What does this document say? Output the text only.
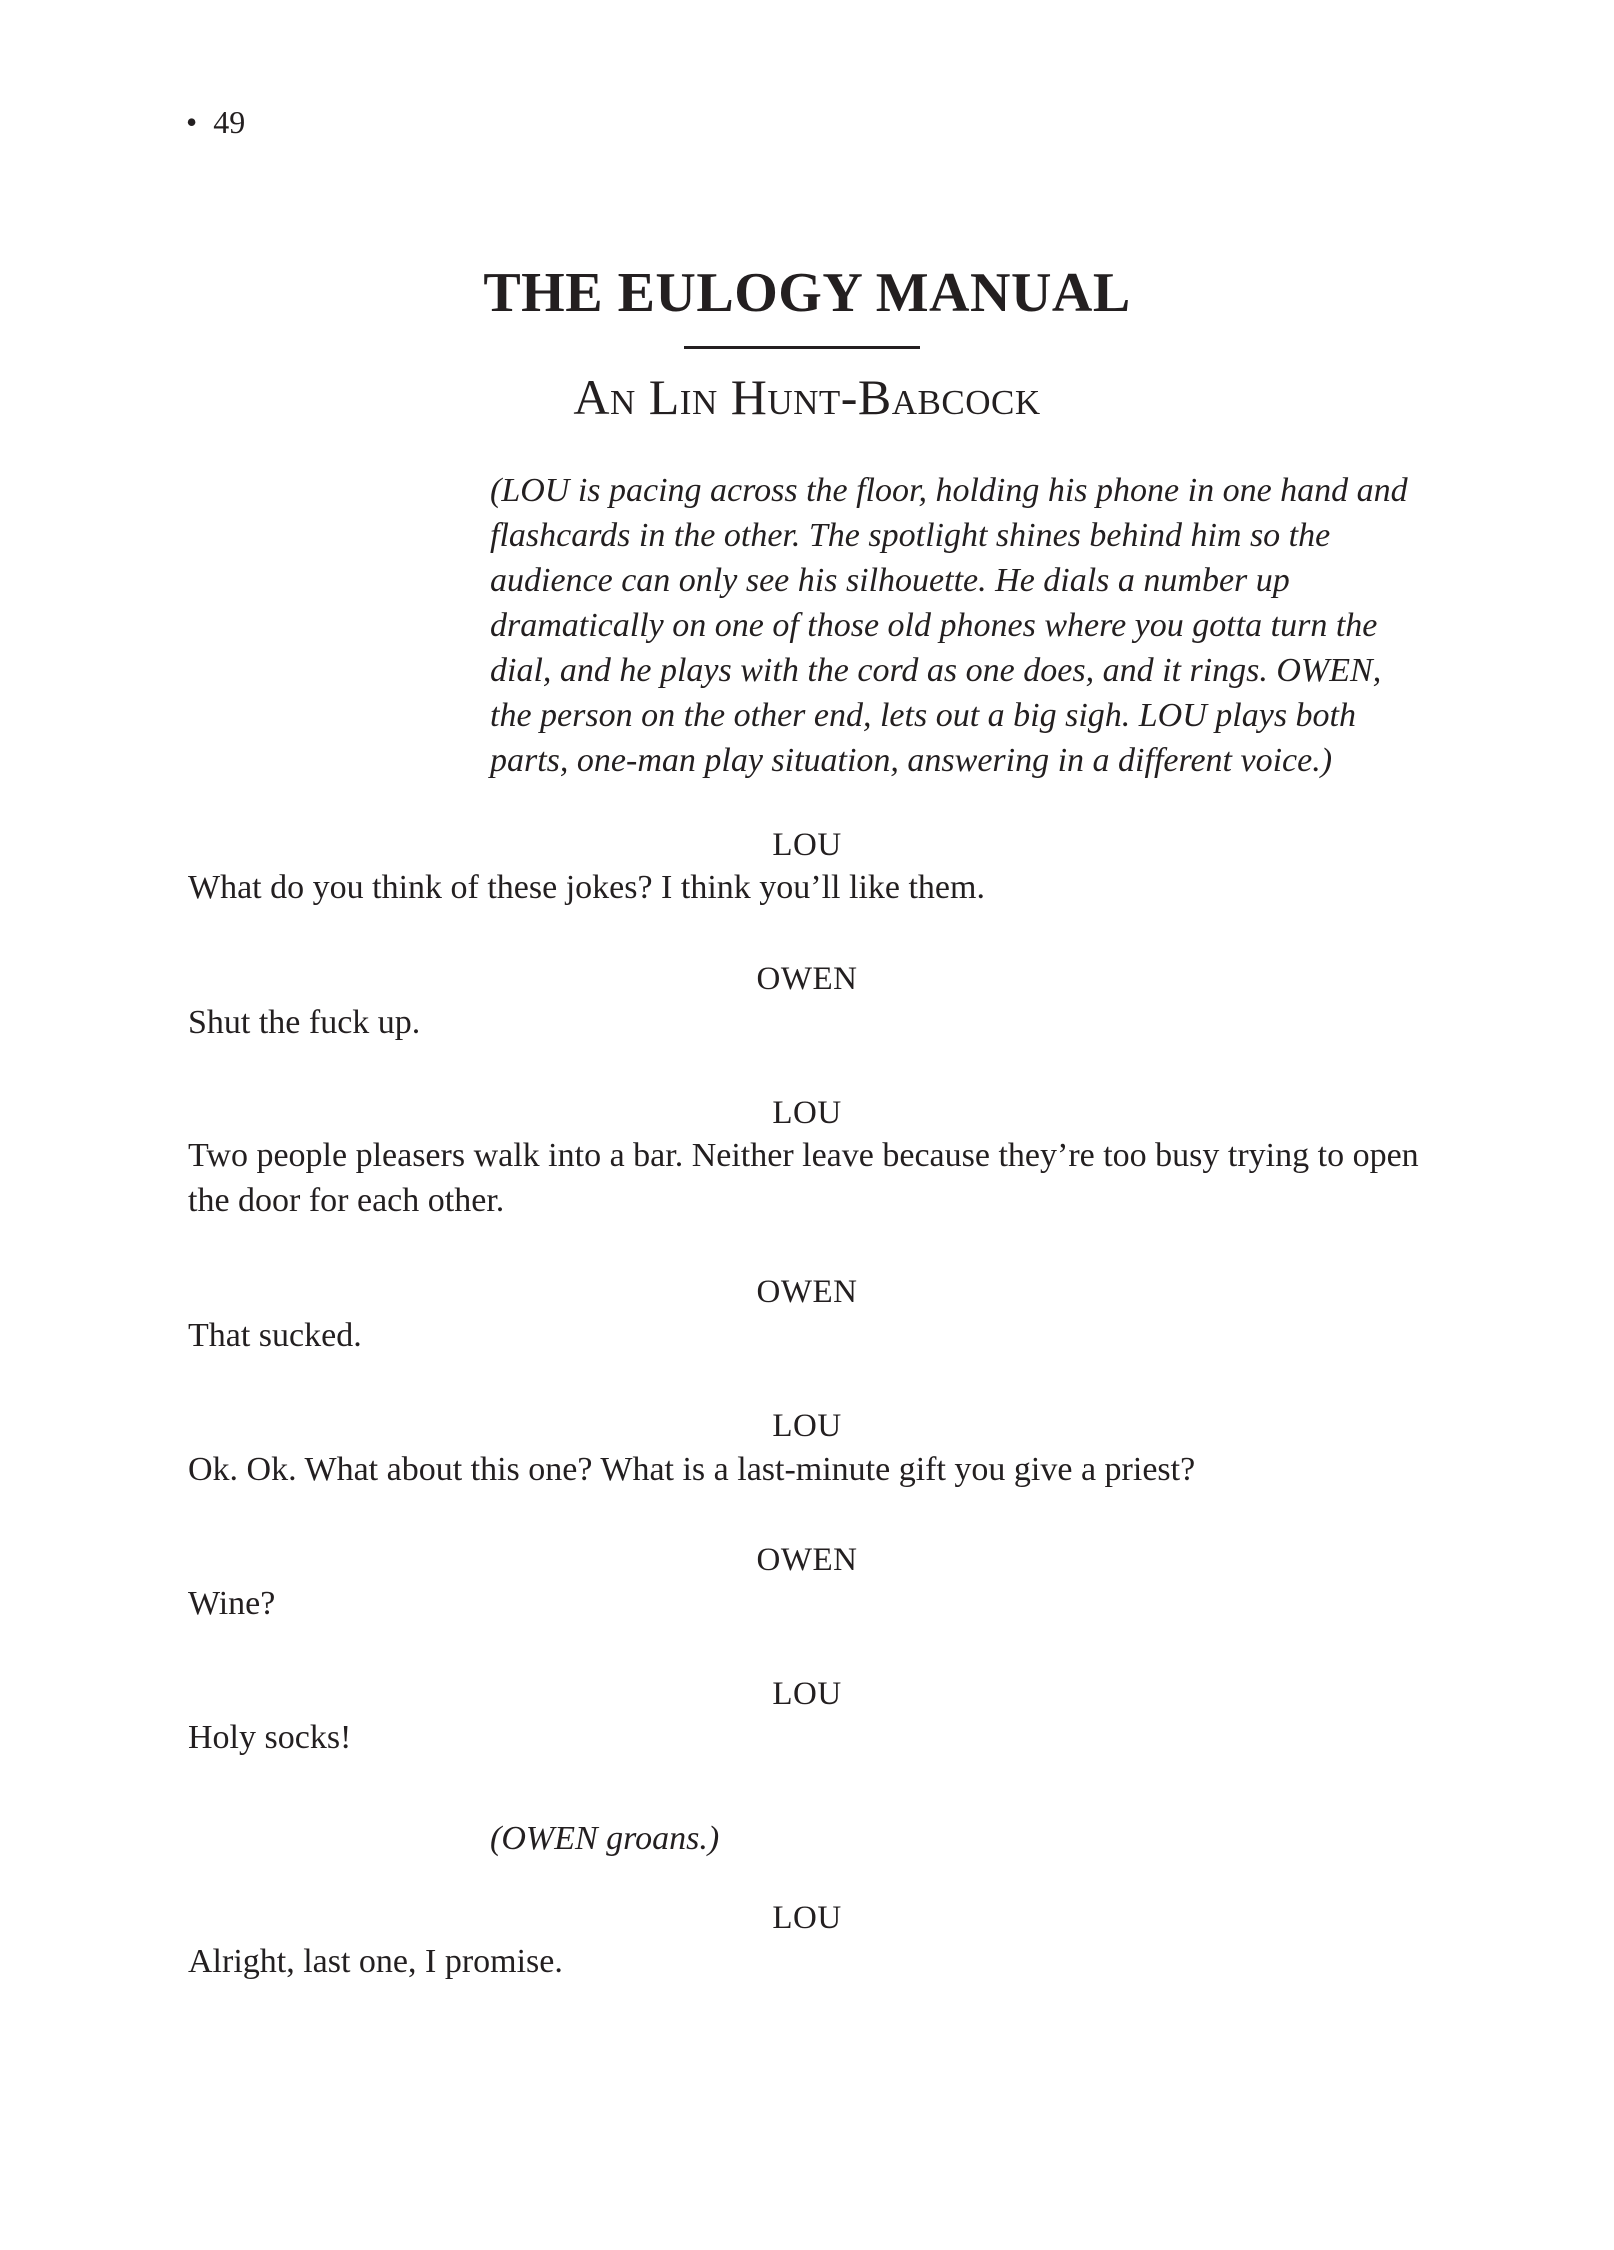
• 49
THE EULOGY MANUAL
An Lin Hunt-Babcock
(LOU is pacing across the floor, holding his phone in one hand and flashcards in the other. The spotlight shines behind him so the audience can only see his silhouette. He dials a number up dramatically on one of those old phones where you gotta turn the dial, and he plays with the cord as one does, and it rings. OWEN, the person on the other end, lets out a big sigh. LOU plays both parts, one-man play situation, answering in a different voice.)
LOU
What do you think of these jokes? I think you’ll like them.
OWEN
Shut the fuck up.
LOU
Two people pleasers walk into a bar. Neither leave because they’re too busy trying to open the door for each other.
OWEN
That sucked.
LOU
Ok. Ok. What about this one? What is a last-minute gift you give a priest?
OWEN
Wine?
LOU
Holy socks!
(OWEN groans.)
LOU
Alright, last one, I promise.
